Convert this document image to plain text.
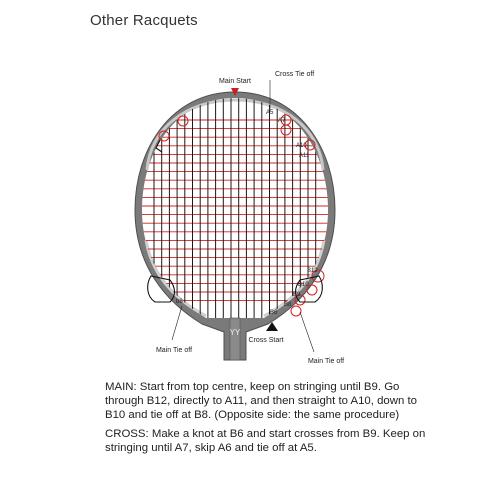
Other Racquets
YY
Main Start
Cross Tie off
A5
A7
A10
A11
B12
B10
B9
B8
B6
b8
Main Tie off
Cross Start
Main Tie off

MAIN: Start from top centre, keep on stringing until B9. Go through B12, directly to A11, and then straight to A10, down to B10 and tie off at B8. (Opposite side: the same procedure)

CROSS: Make a knot at B6 and start crosses from B9. Keep on stringing until A7, skip A6 and tie off at A5.
